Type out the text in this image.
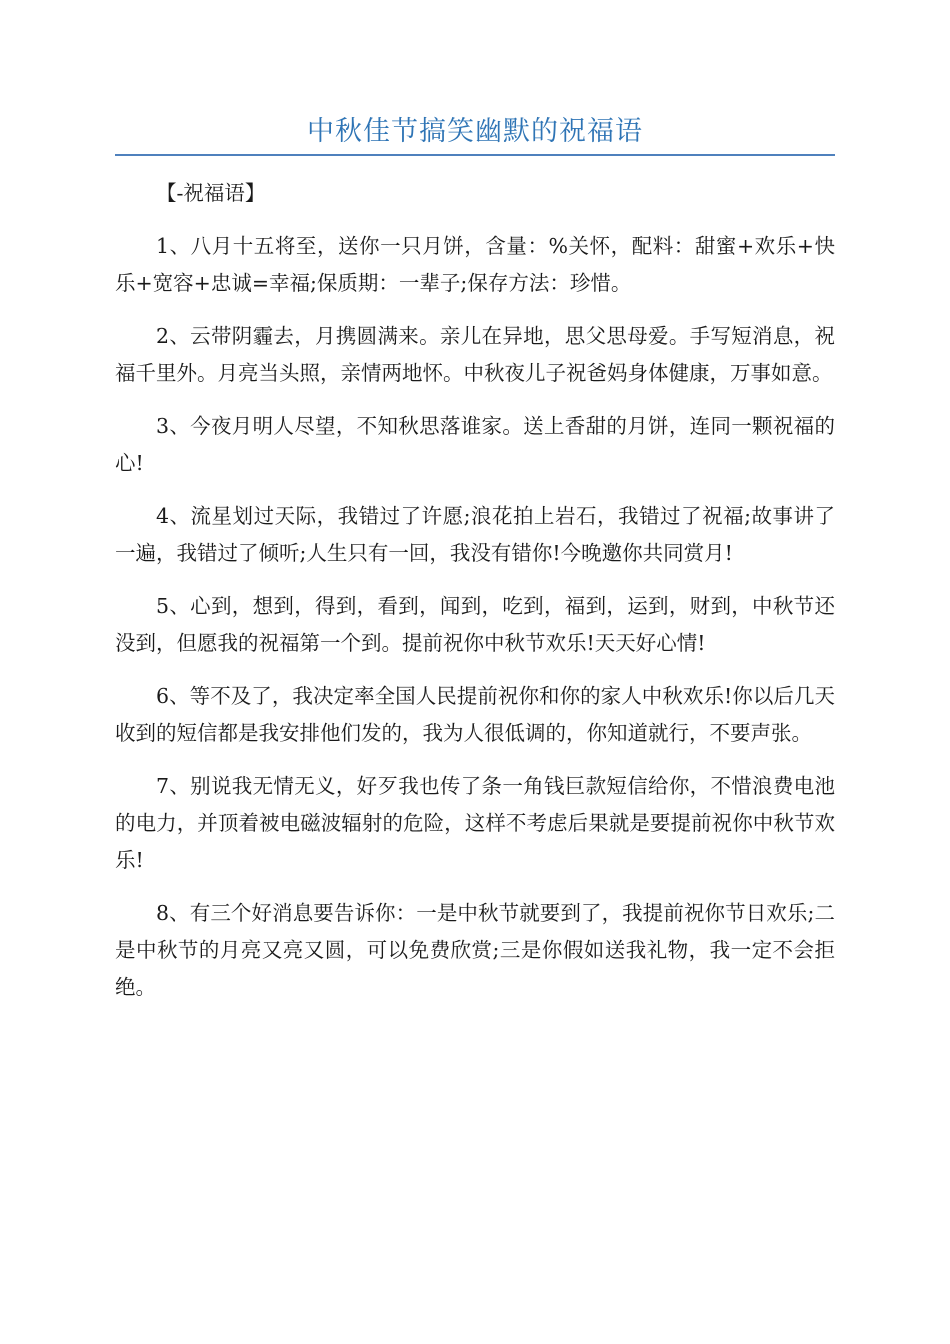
中秋佳节搞笑幽默的祝福语

【-祝福语】

1、八月十五将至，送你一只月饼，含量：%关怀，配料：甜蜜+欢乐+快乐+宽容+忠诚=幸福;保质期：一辈子;保存方法：珍惜。

2、云带阴霾去，月携圆满来。亲儿在异地，思父思母爱。手写短消息，祝福千里外。月亮当头照，亲情两地怀。中秋夜儿子祝爸妈身体健康，万事如意。

3、今夜月明人尽望，不知秋思落谁家。送上香甜的月饼，连同一颗祝福的心!

4、流星划过天际，我错过了许愿;浪花拍上岩石，我错过了祝福;故事讲了一遍，我错过了倾听;人生只有一回，我没有错你!今晚邀你共同赏月!

5、心到，想到，得到，看到，闻到，吃到，福到，运到，财到，中秋节还没到，但愿我的祝福第一个到。提前祝你中秋节欢乐!天天好心情!

6、等不及了，我决定率全国人民提前祝你和你的家人中秋欢乐!你以后几天收到的短信都是我安排他们发的，我为人很低调的，你知道就行，不要声张。

7、别说我无情无义，好歹我也传了条一角钱巨款短信给你，不惜浪费电池的电力，并顶着被电磁波辐射的危险，这样不考虑后果就是要提前祝你中秋节欢乐!

8、有三个好消息要告诉你：一是中秋节就要到了，我提前祝你节日欢乐;二是中秋节的月亮又亮又圆，可以免费欣赏;三是你假如送我礼物，我一定不会拒绝。
